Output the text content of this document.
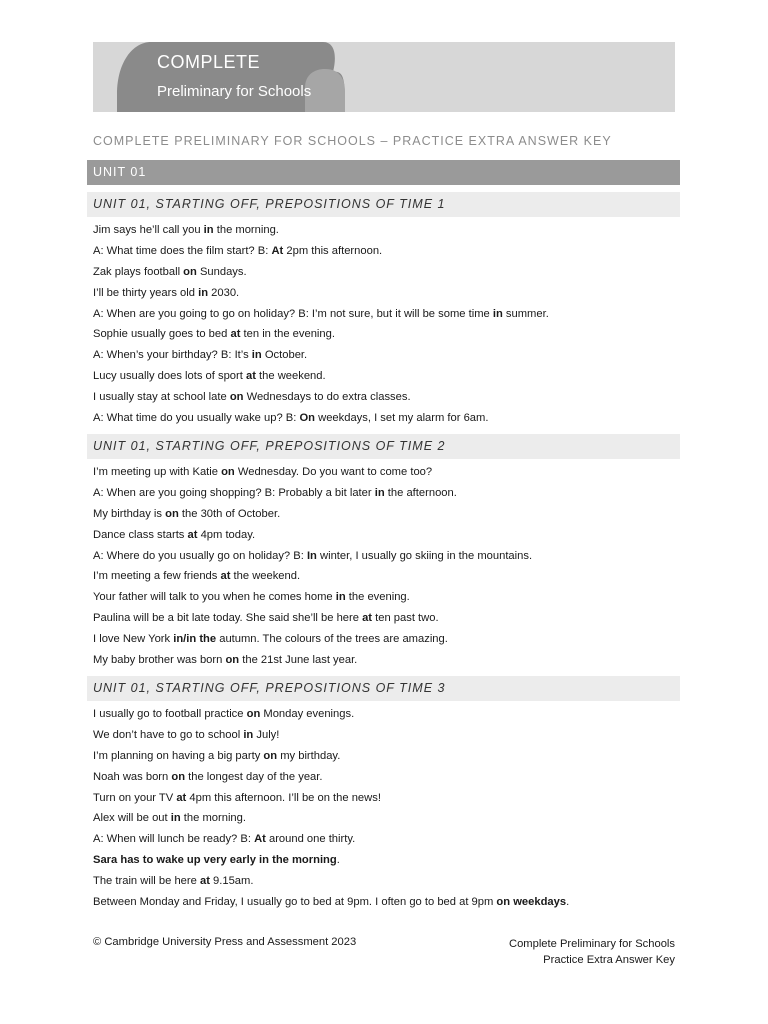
COMPLETE
Preliminary for Schools
COMPLETE PRELIMINARY FOR SCHOOLS – PRACTICE EXTRA ANSWER KEY
UNIT 01
UNIT 01, STARTING OFF, PREPOSITIONS OF TIME 1
Jim says he’ll call you in the morning.
A: What time does the film start? B: At 2pm this afternoon.
Zak plays football on Sundays.
I’ll be thirty years old in 2030.
A: When are you going to go on holiday? B: I’m not sure, but it will be some time in summer.
Sophie usually goes to bed at ten in the evening.
A: When’s your birthday? B: It’s in October.
Lucy usually does lots of sport at the weekend.
I usually stay at school late on Wednesdays to do extra classes.
A: What time do you usually wake up? B: On weekdays, I set my alarm for 6am.
UNIT 01, STARTING OFF, PREPOSITIONS OF TIME 2
I’m meeting up with Katie on Wednesday. Do you want to come too?
A: When are you going shopping? B: Probably a bit later in the afternoon.
My birthday is on the 30th of October.
Dance class starts at 4pm today.
A: Where do you usually go on holiday? B: In winter, I usually go skiing in the mountains.
I’m meeting a few friends at the weekend.
Your father will talk to you when he comes home in the evening.
Paulina will be a bit late today. She said she’ll be here at ten past two.
I love New York in/in the autumn. The colours of the trees are amazing.
My baby brother was born on the 21st June last year.
UNIT 01, STARTING OFF, PREPOSITIONS OF TIME 3
I usually go to football practice on Monday evenings.
We don’t have to go to school in July!
I’m planning on having a big party on my birthday.
Noah was born on the longest day of the year.
Turn on your TV at 4pm this afternoon. I’ll be on the news!
Alex will be out in the morning.
A: When will lunch be ready? B: At around one thirty.
Sara has to wake up very early in the morning.
The train will be here at 9.15am.
Between Monday and Friday, I usually go to bed at 9pm. I often go to bed at 9pm on weekdays.
© Cambridge University Press and Assessment 2023	Complete Preliminary for Schools
Practice Extra Answer Key
